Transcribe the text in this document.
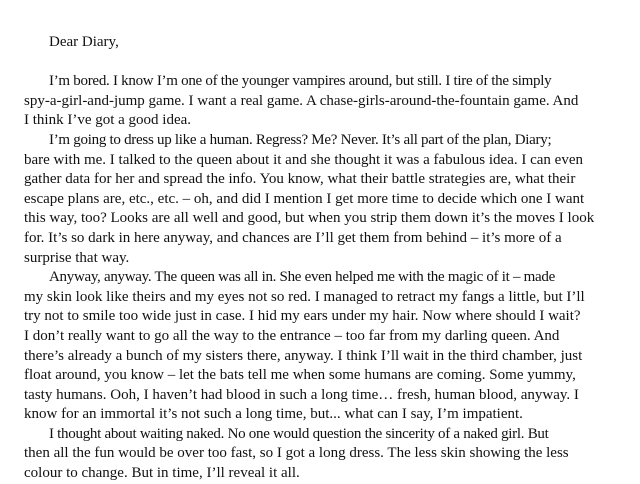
Dear Diary,

I’m bored. I know I’m one of the younger vampires around, but still. I tire of the simply
spy-a-girl-and-jump game. I want a real game. A chase-girls-around-the-fountain game. And
I think I’ve got a good idea.

I’m going to dress up like a human. Regress? Me? Never. It’s all part of the plan, Diary;
bare with me. I talked to the queen about it and she thought it was a fabulous idea. I can even
gather data for her and spread the info. You know, what their battle strategies are, what their
escape plans are, etc., etc. – oh, and did I mention I get more time to decide which one I want
this way, too? Looks are all well and good, but when you strip them down it’s the moves I look
for. It’s so dark in here anyway, and chances are I’ll get them from behind – it’s more of a
surprise that way.

Anyway, anyway. The queen was all in. She even helped me with the magic of it – made
my skin look like theirs and my eyes not so red. I managed to retract my fangs a little, but I’ll
try not to smile too wide just in case. I hid my ears under my hair. Now where should I wait?
I don’t really want to go all the way to the entrance – too far from my darling queen. And
there’s already a bunch of my sisters there, anyway. I think I’ll wait in the third chamber, just
float around, you know – let the bats tell me when some humans are coming. Some yummy,
tasty humans. Ooh, I haven’t had blood in such a long time… fresh, human blood, anyway. I
know for an immortal it’s not such a long time, but... what can I say, I’m impatient.

I thought about waiting naked. No one would question the sincerity of a naked girl. But
then all the fun would be over too fast, so I got a long dress. The less skin showing the less
colour to change. But in time, I’ll reveal it all.
